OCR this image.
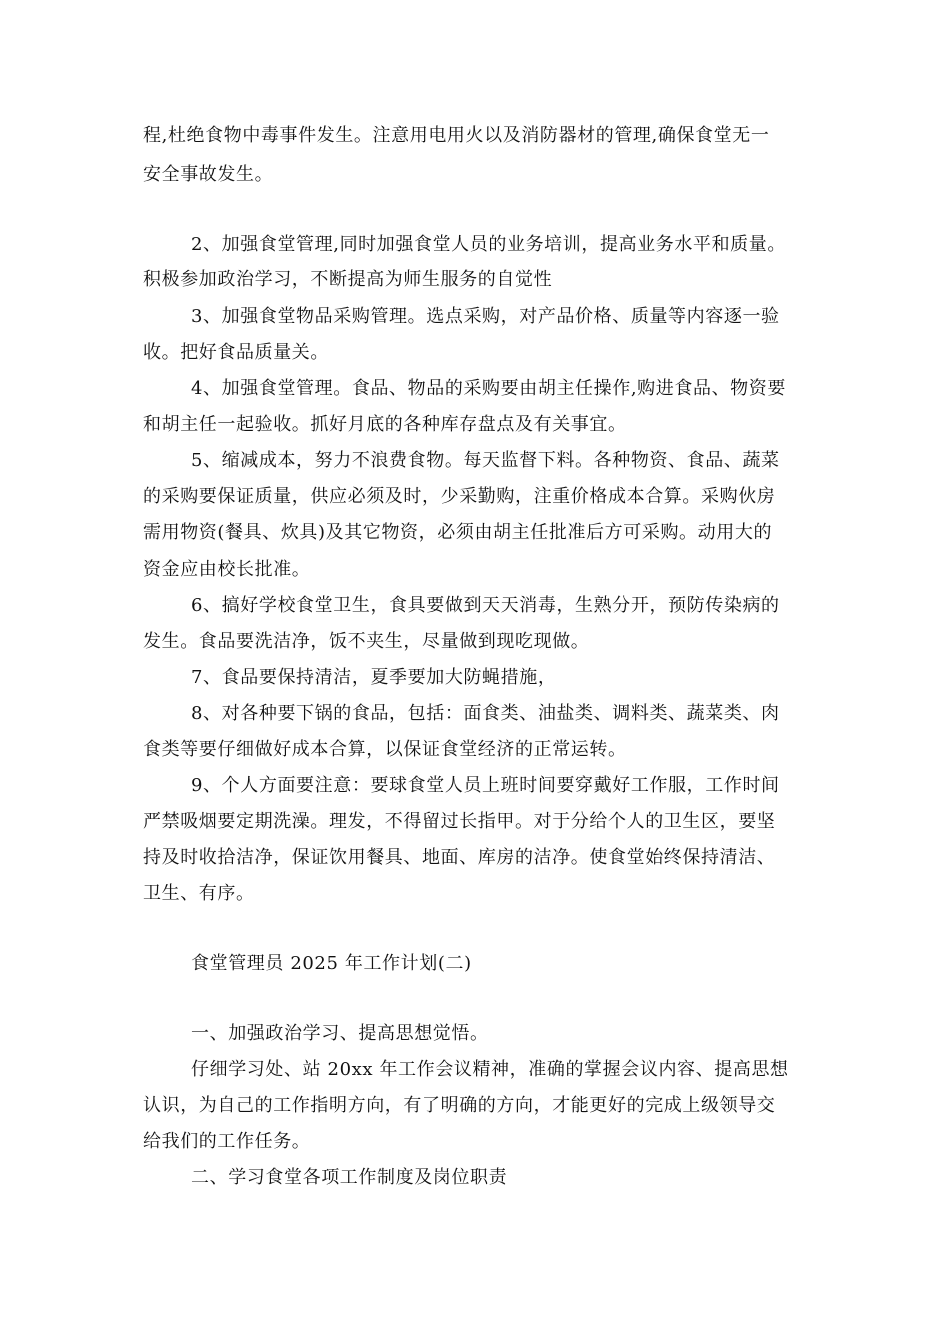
程,杜绝食物中毒事件发生。注意用电用火以及消防器材的管理,确保食堂无一
安全事故发生。
2、加强食堂管理,同时加强食堂人员的业务培训，提高业务水平和质量。
积极参加政治学习，不断提高为师生服务的自觉性
3、加强食堂物品采购管理。选点采购，对产品价格、质量等内容逐一验
收。把好食品质量关。
4、加强食堂管理。食品、物品的采购要由胡主任操作,购进食品、物资要
和胡主任一起验收。抓好月底的各种库存盘点及有关事宜。
5、缩减成本，努力不浪费食物。每天监督下料。各种物资、食品、蔬菜
的采购要保证质量，供应必须及时，少采勤购，注重价格成本合算。采购伙房
需用物资(餐具、炊具)及其它物资，必须由胡主任批准后方可采购。动用大的
资金应由校长批准。
6、搞好学校食堂卫生，食具要做到天天消毒，生熟分开，预防传染病的
发生。食品要洗洁净，饭不夹生，尽量做到现吃现做。
7、食品要保持清洁，夏季要加大防蝇措施，
8、对各种要下锅的食品，包括：面食类、油盐类、调料类、蔬菜类、肉
食类等要仔细做好成本合算，以保证食堂经济的正常运转。
9、个人方面要注意：要球食堂人员上班时间要穿戴好工作服，工作时间
严禁吸烟要定期洗澡。理发，不得留过长指甲。对于分给个人的卫生区，要坚
持及时收拾洁净，保证饮用餐具、地面、库房的洁净。使食堂始终保持清洁、
卫生、有序。
食堂管理员 2025 年工作计划(二)
一、加强政治学习、提高思想觉悟。
仔细学习处、站 20xx 年工作会议精神，准确的掌握会议内容、提高思想
认识，为自己的工作指明方向，有了明确的方向，才能更好的完成上级领导交
给我们的工作任务。
二、学习食堂各项工作制度及岗位职责
